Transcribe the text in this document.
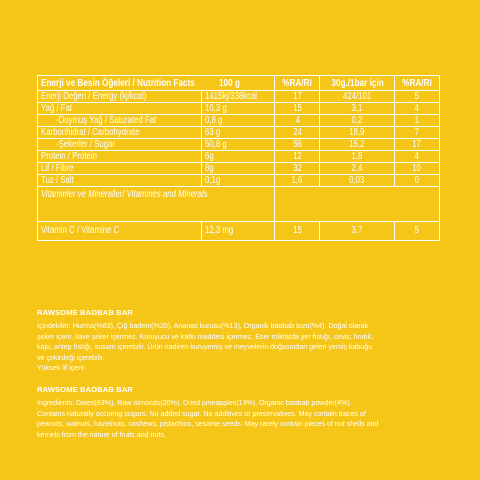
Enerji ve Besin Öğeleri / Nutrition Facts 100 g		%RA/RI	30g./1bar için	%RA/RI
Enerji Değeri / Energy (kj/kcal)	1415kj/338kcal	17	424/101	5
Yağ / Fat	10,3 g	15	3,1	4
-Doymuş Yağ / Saturated Fat	0,8 g	4	0,2	1
Karbonhidrat / Carbohydrate	63 g	24	18,9	7
-Şekerler / Sugar	50,8 g	56	15,2	17
Protein / Protein	6g	12	1,8	4
Lif / Fibre	8g	32	2,4	10
Tuz / Salt	0,1g	1,6	0,03	0
Vitaminler ve Mineraller/ Vitamines and Minerals				
Vitamin C / Vitamine C	12,3 mg	15	3,7	5
RAWSOME BAOBAB BAR

İçindekiler: Hurma(%63), Çiğ badem(%20), Ananas kurusu(%13), Organik baobab tozu(%4). Doğal olarak

şeker içerir, ilave şeker içermez. Koruyucu ve katkı maddesi içermez. Eser miktarda yer fıstığı, ceviz, fındık,

kaju, antep fıstığı, susam içerebilir. Ürün nadiren kuruyemiş ve meyvelerin doğasından gelen yemiş kabuğu

ve çekirdeği içerebilir.

Yüksek lif içerir.

RAWSOME BAOBAB BAR

Ingredients: Dates(63%), Raw almonds(20%), Dried pineapples(13%), Organic baobab powder(4%).

Contains naturally occuring sugars. No added sugar. No additives or preservatives. May contain traces of

peanuts, walnuts, hazelnuts, cashews, pistachios, sesame seeds. May rarely contain pieces of nut shells and

kernels from the nature of fruits and nuts.
